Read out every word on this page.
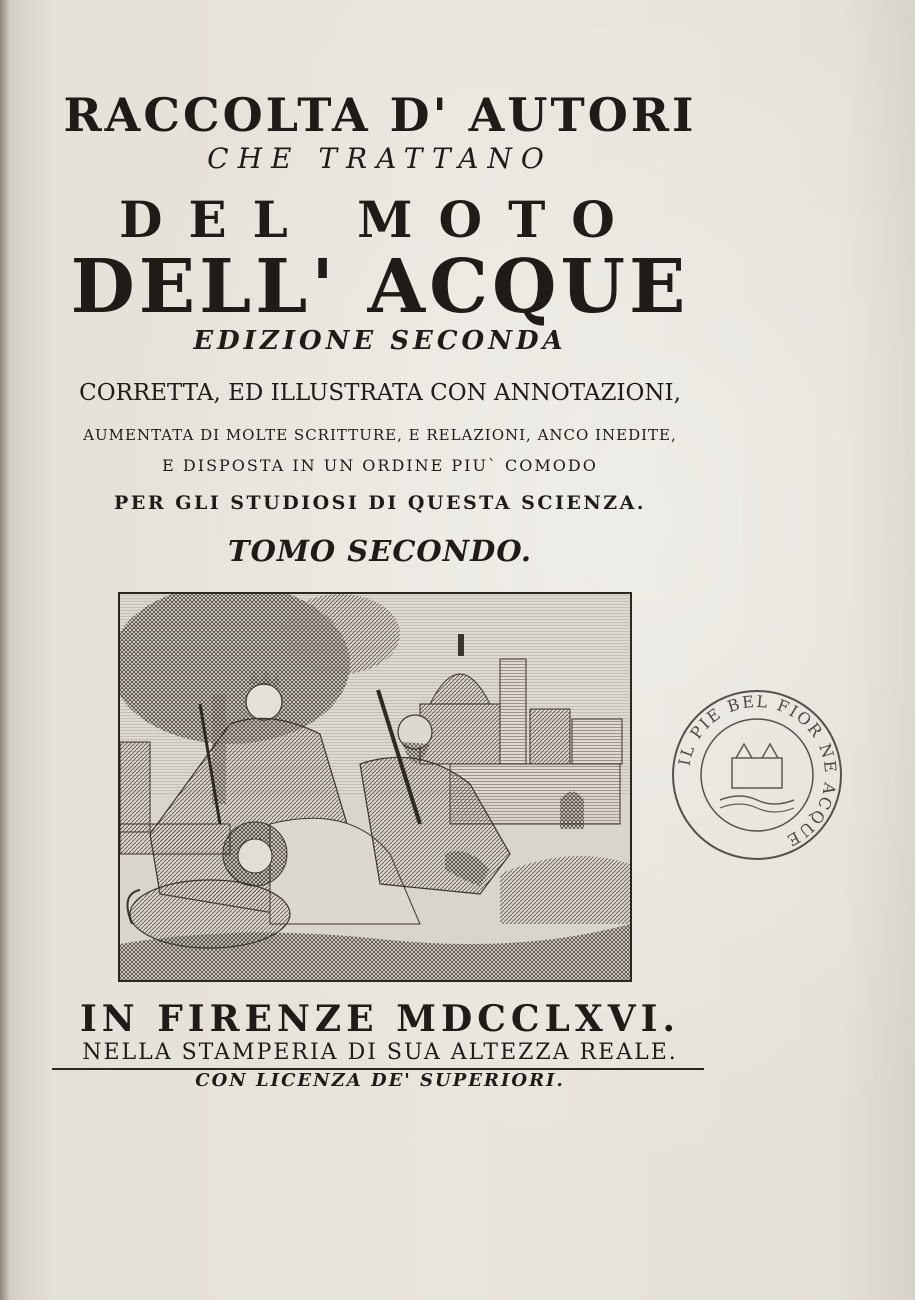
RACCOLTA D' AUTORI
CHE TRATTANO
DEL MOTO
DELL' ACQUE
EDIZIONE SECONDA
CORRETTA, ED ILLUSTRATA CON ANNOTAZIONI,
AUMENTATA DI MOLTE SCRITTURE, E RELAZIONI, ANCO INEDITE,
E DISPOSTA IN UN ORDINE PIU` COMODO
PER GLI STUDIOSI DI QUESTA SCIENZA.
TOMO SECONDO.
IL PIE BEL FIOR NE ACQUE
IN FIRENZE MDCCLXVI.
NELLA STAMPERIA DI SUA ALTEZZA REALE.
CON LICENZA DE' SUPERIORI.
